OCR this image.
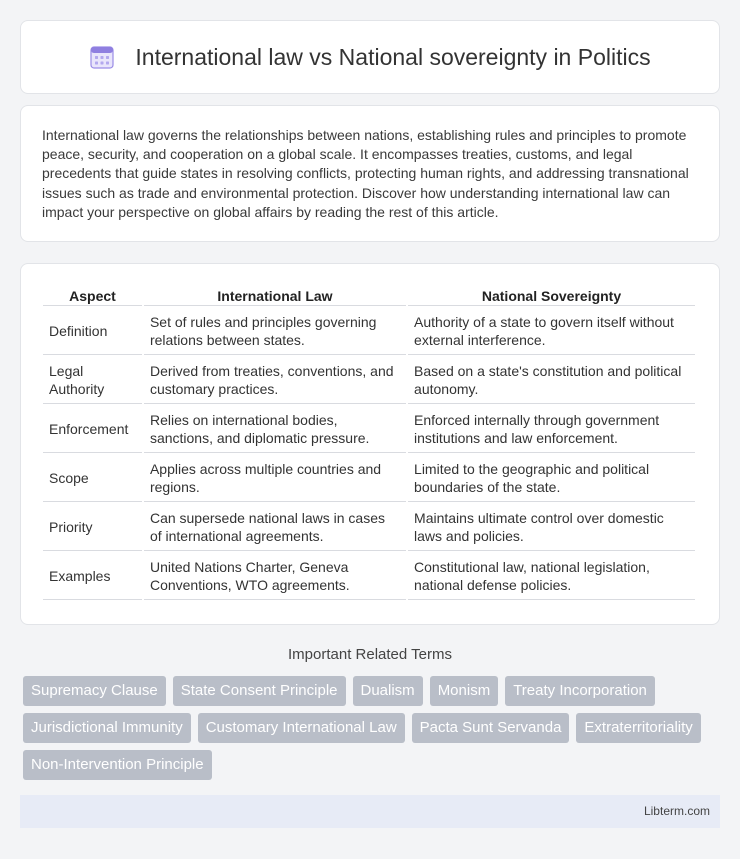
International law vs National sovereignty in Politics

International law governs the relationships between nations, establishing rules and principles to promote peace, security, and cooperation on a global scale. It encompasses treaties, customs, and legal precedents that guide states in resolving conflicts, protecting human rights, and addressing transnational issues such as trade and environmental protection. Discover how understanding international law can impact your perspective on global affairs by reading the rest of this article.

Aspect	International Law	National Sovereignty
Definition	Set of rules and principles governing relations between states.	Authority of a state to govern itself without external interference.
Legal Authority	Derived from treaties, conventions, and customary practices.	Based on a state's constitution and political autonomy.
Enforcement	Relies on international bodies, sanctions, and diplomatic pressure.	Enforced internally through government institutions and law enforcement.
Scope	Applies across multiple countries and regions.	Limited to the geographic and political boundaries of the state.
Priority	Can supersede national laws in cases of international agreements.	Maintains ultimate control over domestic laws and policies.
Examples	United Nations Charter, Geneva Conventions, WTO agreements.	Constitutional law, national legislation, national defense policies.
Important Related Terms
Supremacy Clause	State Consent Principle	Dualism	Monism	Treaty Incorporation
Jurisdictional Immunity	Customary International Law	Pacta Sunt Servanda	Extraterritoriality
Non-Intervention Principle
Libterm.com
